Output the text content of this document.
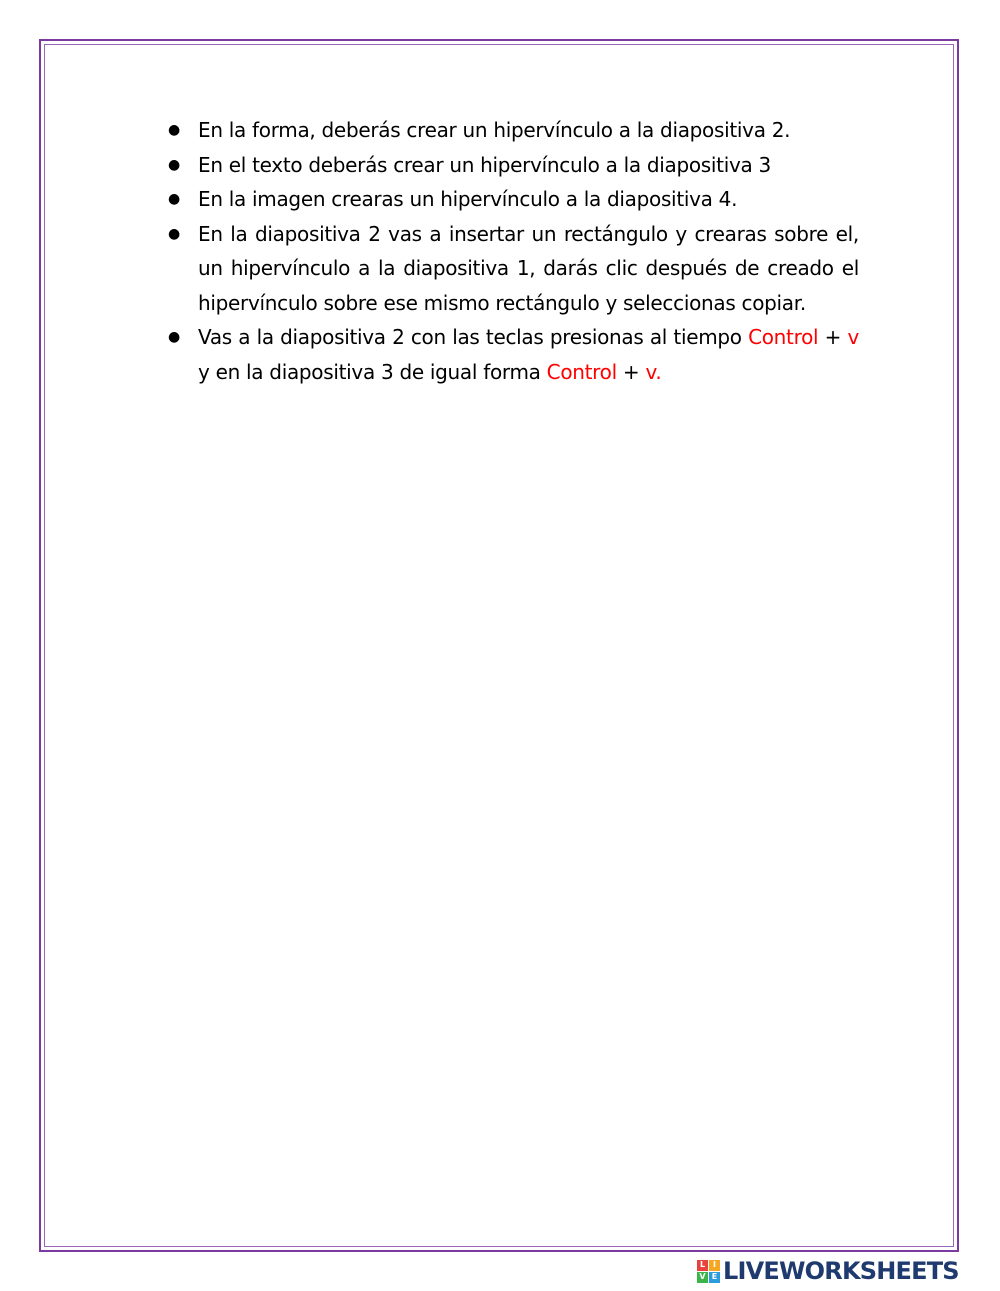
● En la forma, deberás crear un hipervínculo a la diapositiva 2.
● En el texto deberás crear un hipervínculo a la diapositiva 3
● En la imagen crearas un hipervínculo a la diapositiva 4.
● En la diapositiva 2 vas a insertar un rectángulo y crearas sobre el, un hipervínculo a la diapositiva 1, darás clic después de creado el hipervínculo sobre ese mismo rectángulo y seleccionas copiar.
● Vas a la diapositiva 2 con las teclas presionas al tiempo Control + v y en la diapositiva 3 de igual forma Control + v.
L I
V E LIVEWORKSHEETS
